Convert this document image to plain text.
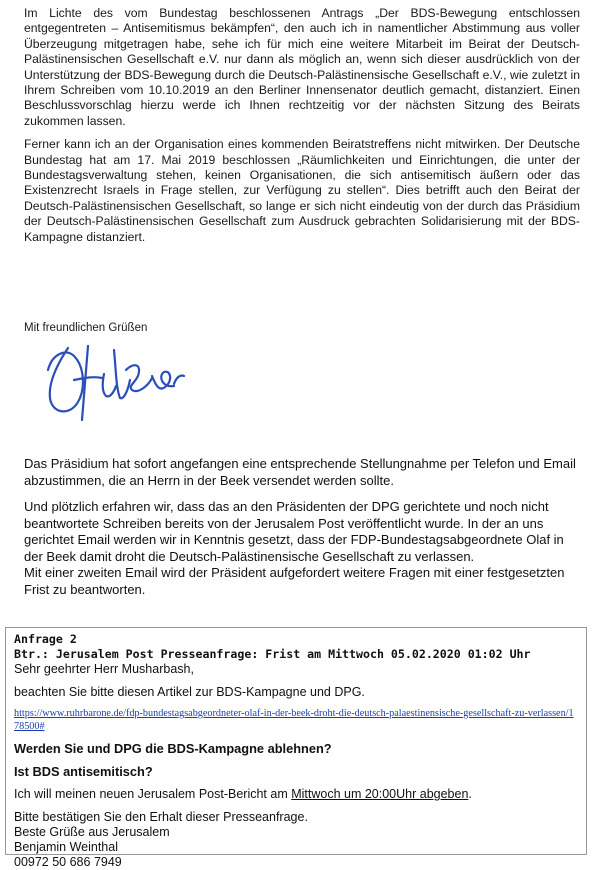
Im Lichte des vom Bundestag beschlossenen Antrags „Der BDS-Bewegung entschlossen entgegentreten – Antisemitismus bekämpfen“, den auch ich in namentlicher Abstimmung aus voller Überzeugung mitgetragen habe, sehe ich für mich eine weitere Mitarbeit im Beirat der Deutsch-Palästinensischen Gesellschaft e.V. nur dann als möglich an, wenn sich dieser ausdrücklich von der Unterstützung der BDS-Bewegung durch die Deutsch-Palästinensische Gesellschaft e.V., wie zuletzt in Ihrem Schreiben vom 10.10.2019 an den Berliner Innensenator deutlich gemacht, distanziert. Einen Beschlussvorschlag hierzu werde ich Ihnen rechtzeitig vor der nächsten Sitzung des Beirats zukommen lassen.

Ferner kann ich an der Organisation eines kommenden Beiratstreffens nicht mitwirken. Der Deutsche Bundestag hat am 17. Mai 2019 beschlossen „Räumlichkeiten und Einrichtungen, die unter der Bundestagsverwaltung stehen, keinen Organisationen, die sich antisemitisch äußern oder das Existenzrecht Israels in Frage stellen, zur Verfügung zu stellen“. Dies betrifft auch den Beirat der Deutsch-Palästinensischen Gesellschaft, so lange er sich nicht eindeutig von der durch das Präsidium der Deutsch-Palästinensischen Gesellschaft zum Ausdruck gebrachten Solidarisierung mit der BDS-Kampagne distanziert.

Mit freundlichen Grüßen

Das Präsidium hat sofort angefangen eine entsprechende Stellungnahme per Telefon und Email abzustimmen, die an Herrn in der Beek versendet werden sollte.

Und plötzlich erfahren wir, dass das an den Präsidenten der DPG gerichtete und noch nicht beantwortete Schreiben bereits von der Jerusalem Post veröffentlicht wurde. In der an uns gerichtet Email werden wir in Kenntnis gesetzt, dass der FDP-Bundestagsabgeordnete Olaf in der Beek damit droht die Deutsch-Palästinensische Gesellschaft zu verlassen.

Mit einer zweiten Email wird der Präsident aufgefordert weitere Fragen mit einer festgesetzten Frist zu beantworten.

Anfrage 2
Btr.: Jerusalem Post Presseanfrage: Frist am Mittwoch 05.02.2020 01:02 Uhr
Sehr geehrter Herr Musharbash,
beachten Sie bitte diesen Artikel zur BDS-Kampagne und DPG.
https://www.ruhrbarone.de/fdp-bundestagsabgeordneter-olaf-in-der-beek-droht-die-deutsch-palaestinensische-gesellschaft-zu-verlassen/178500#
Werden Sie und DPG die BDS-Kampagne ablehnen?
Ist BDS antisemitisch?
Ich will meinen neuen Jerusalem Post-Bericht am Mittwoch um 20:00Uhr abgeben.
Bitte bestätigen Sie den Erhalt dieser Presseanfrage.
Beste Grüße aus Jerusalem
Benjamin Weinthal
00972 50 686 7949
